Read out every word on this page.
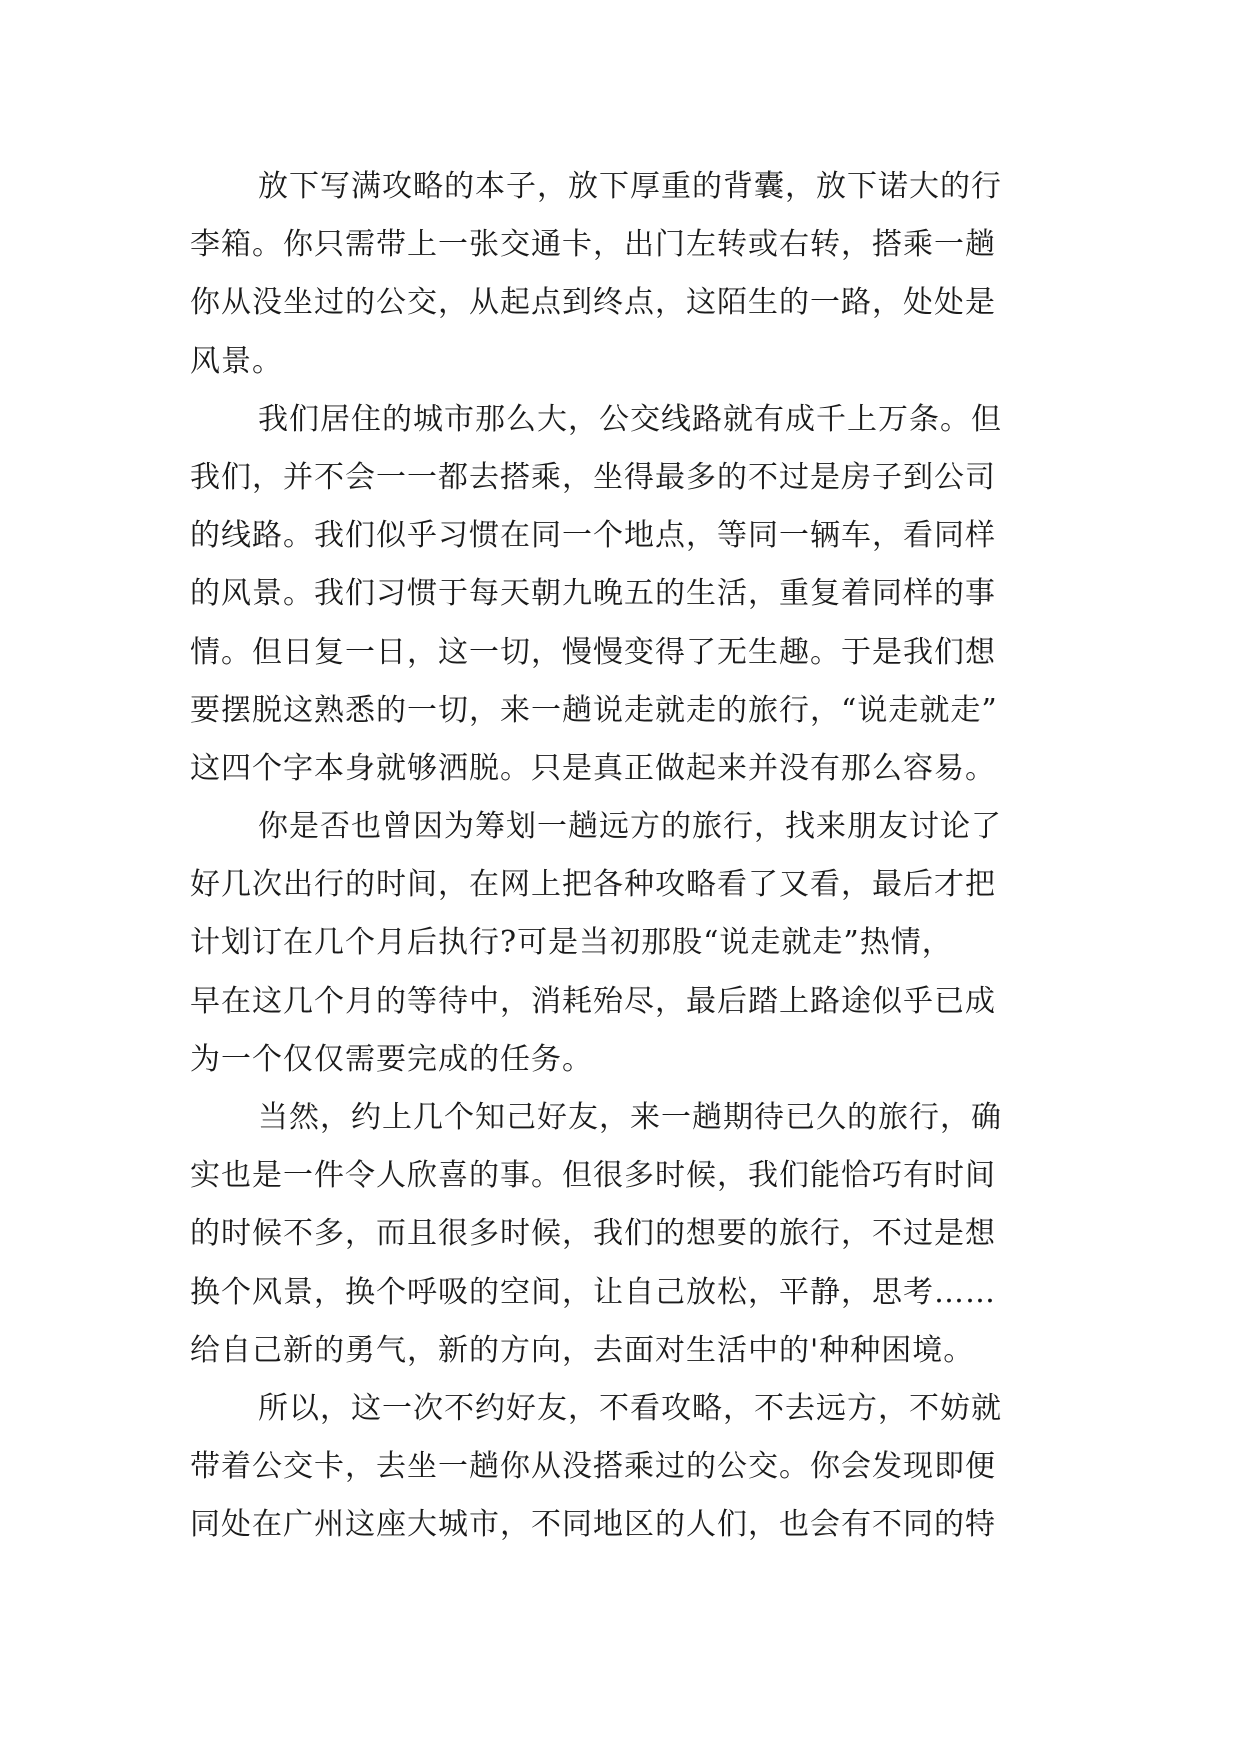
放下写满攻略的本子，放下厚重的背囊，放下诺大的行
李箱。你只需带上一张交通卡，出门左转或右转，搭乘一趟
你从没坐过的公交，从起点到终点，这陌生的一路，处处是
风景。
我们居住的城市那么大，公交线路就有成千上万条。但
我们，并不会一一都去搭乘，坐得最多的不过是房子到公司
的线路。我们似乎习惯在同一个地点，等同一辆车，看同样
的风景。我们习惯于每天朝九晚五的生活，重复着同样的事
情。但日复一日，这一切，慢慢变得了无生趣。于是我们想
要摆脱这熟悉的一切，来一趟说走就走的旅行，“说走就走”
这四个字本身就够洒脱。只是真正做起来并没有那么容易。
你是否也曾因为筹划一趟远方的旅行，找来朋友讨论了
好几次出行的时间，在网上把各种攻略看了又看，最后才把
计划订在几个月后执行?可是当初那股“说走就走”热情，
早在这几个月的等待中，消耗殆尽，最后踏上路途似乎已成
为一个仅仅需要完成的任务。
当然，约上几个知己好友，来一趟期待已久的旅行，确
实也是一件令人欣喜的事。但很多时候，我们能恰巧有时间
的时候不多，而且很多时候，我们的想要的旅行，不过是想
换个风景，换个呼吸的空间，让自己放松，平静，思考……
给自己新的勇气，新的方向，去面对生活中的'种种困境。
所以，这一次不约好友，不看攻略，不去远方，不妨就
带着公交卡，去坐一趟你从没搭乘过的公交。你会发现即便
同处在广州这座大城市，不同地区的人们，也会有不同的特
